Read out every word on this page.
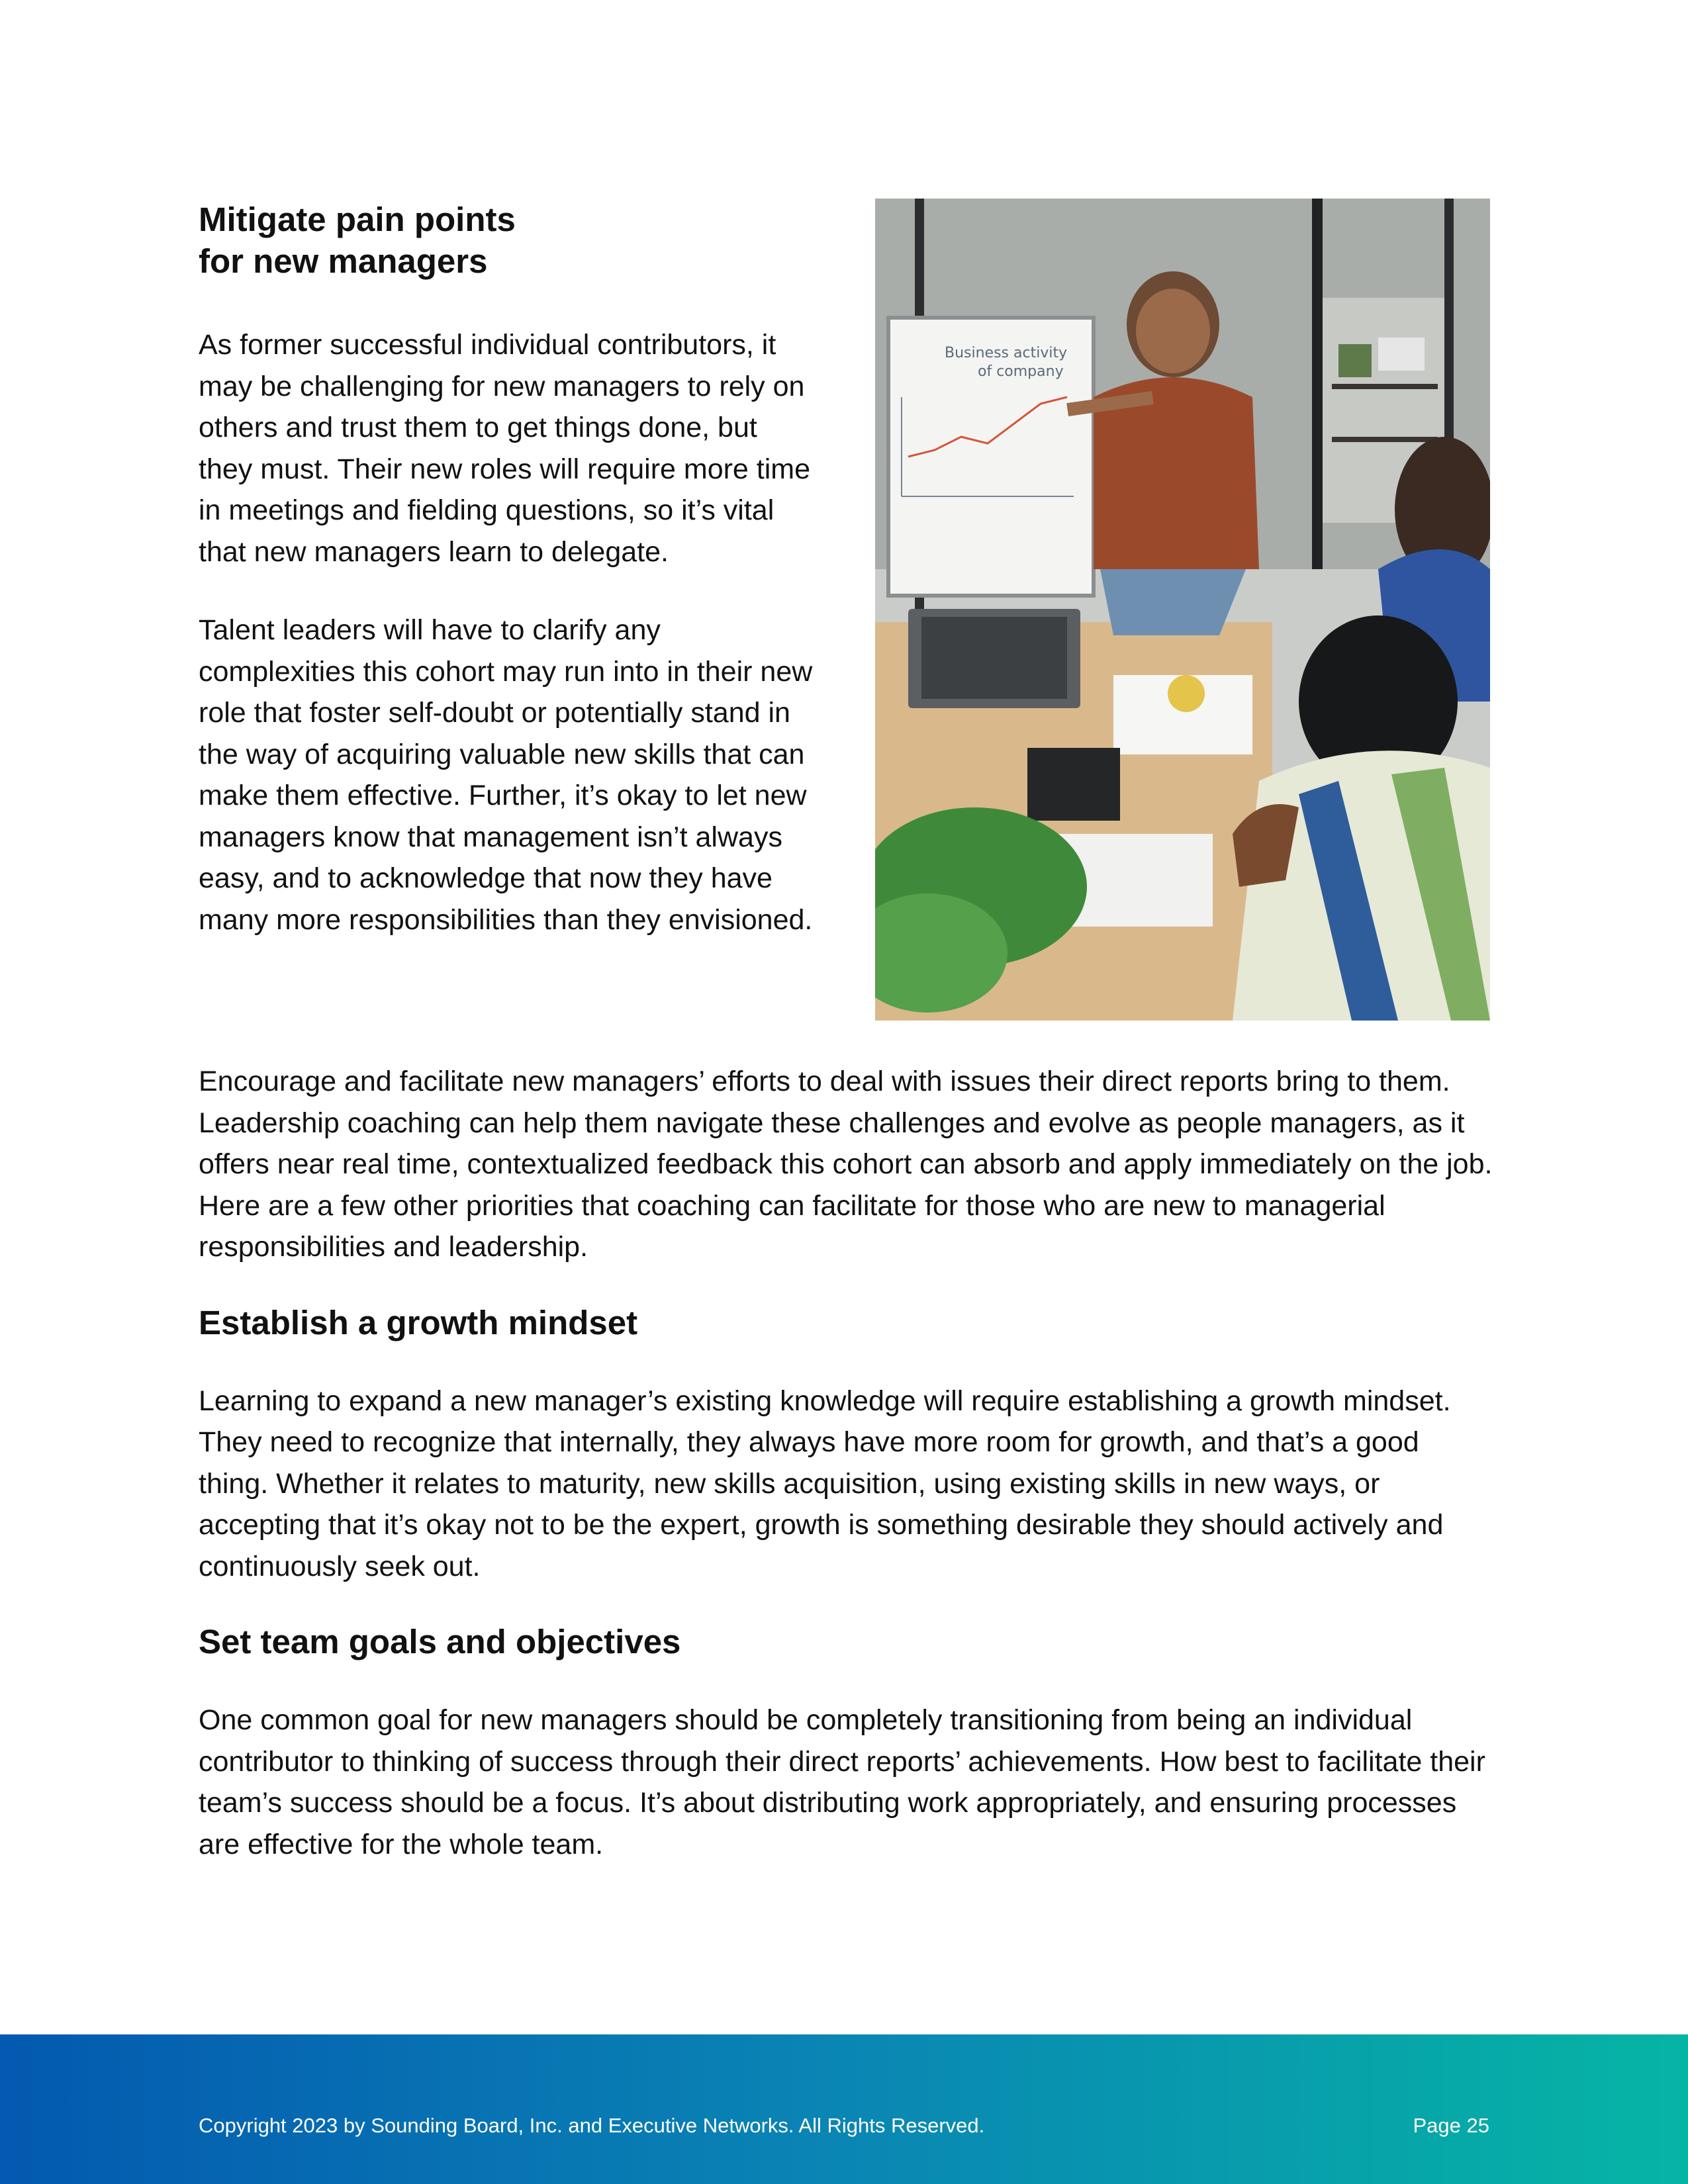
Mitigate pain points
for new managers

As former successful individual contributors, it may be challenging for new managers to rely on others and trust them to get things done, but they must. Their new roles will require more time in meetings and fielding questions, so it’s vital that new managers learn to delegate.

Talent leaders will have to clarify any complexities this cohort may run into in their new role that foster self-doubt or potentially stand in the way of acquiring valuable new skills that can make them effective. Further, it’s okay to let new managers know that management isn’t always easy, and to acknowledge that now they have many more responsibilities than they envisioned.

Business activity
of company

Encourage and facilitate new managers’ efforts to deal with issues their direct reports bring to them. Leadership coaching can help them navigate these challenges and evolve as people managers, as it offers near real time, contextualized feedback this cohort can absorb and apply immediately on the job. Here are a few other priorities that coaching can facilitate for those who are new to managerial responsibilities and leadership.

Establish a growth mindset

Learning to expand a new manager’s existing knowledge will require establishing a growth mindset. They need to recognize that internally, they always have more room for growth, and that’s a good thing. Whether it relates to maturity, new skills acquisition, using existing skills in new ways, or accepting that it’s okay not to be the expert, growth is something desirable they should actively and continuously seek out.

Set team goals and objectives

One common goal for new managers should be completely transitioning from being an individual contributor to thinking of success through their direct reports’ achievements. How best to facilitate their team’s success should be a focus. It’s about distributing work appropriately, and ensuring processes are effective for the whole team.

Copyright 2023 by Sounding Board, Inc. and Executive Networks. All Rights Reserved.	Page 25
